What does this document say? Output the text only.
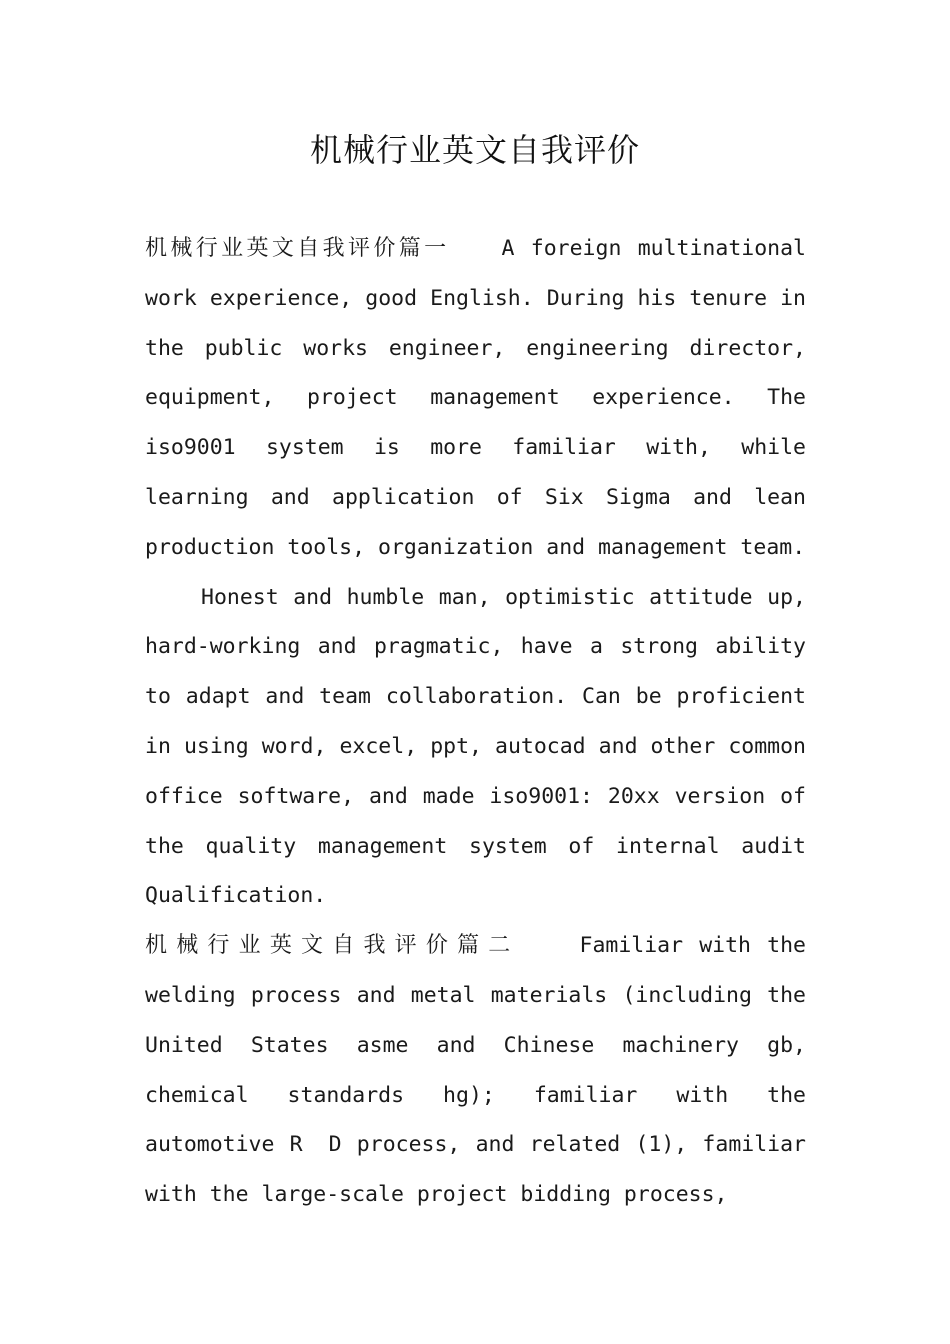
机械行业英文自我评价

机械行业英文自我评价篇一 A foreign multinational work experience, good English. During his tenure in the public works engineer, engineering director, equipment, project management experience. The iso9001 system is more familiar with, while learning and application of Six Sigma and lean production tools, organization and management team.

Honest and humble man, optimistic attitude up, hard-working and pragmatic, have a strong ability to adapt and team collaboration. Can be proficient in using word, excel, ppt, autocad and other common office software, and made iso9001: 20xx version of the quality management system of internal audit Qualification.

机械行业英文自我评价篇二	Familiar with the welding process and metal materials (including the United States asme and Chinese machinery gb, chemical standards hg); familiar with the automotive R　D process, and related (1), familiar with the large-scale project bidding process,
